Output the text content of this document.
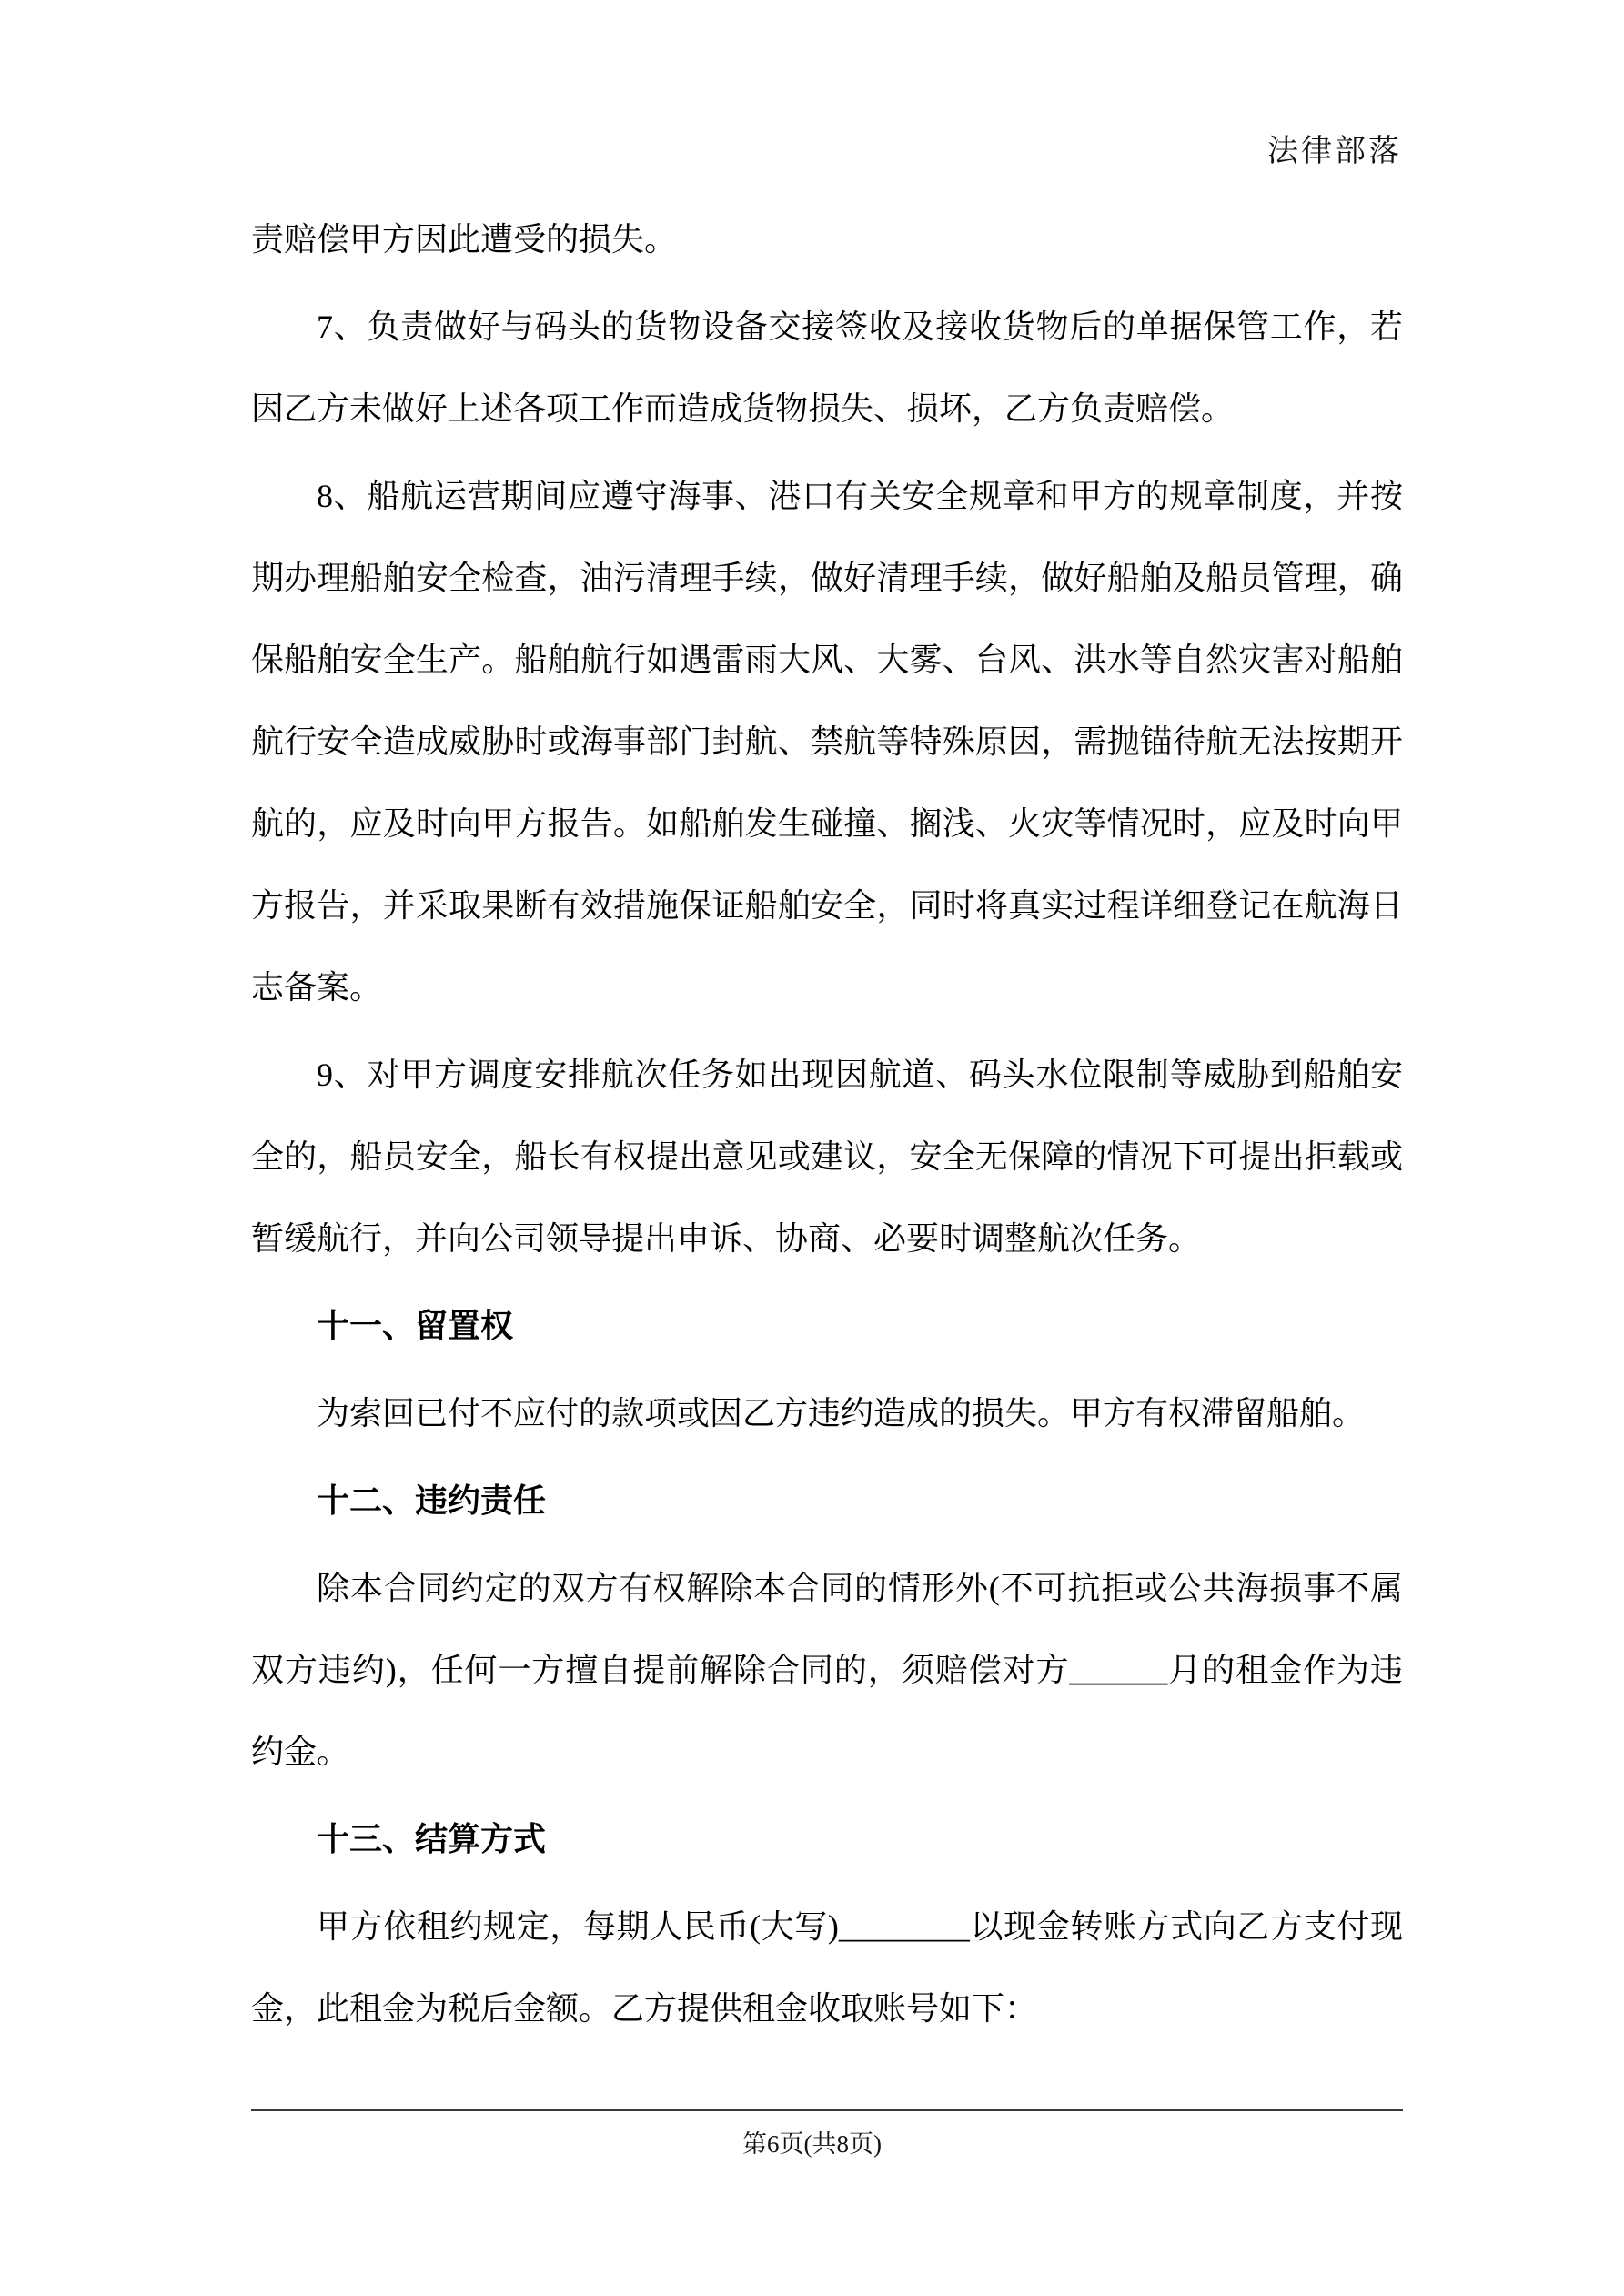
法律部落

责赔偿甲方因此遭受的损失。

7、负责做好与码头的货物设备交接签收及接收货物后的单据保管工作，若因乙方未做好上述各项工作而造成货物损失、损坏，乙方负责赔偿。

8、船航运营期间应遵守海事、港口有关安全规章和甲方的规章制度，并按期办理船舶安全检查，油污清理手续，做好清理手续，做好船舶及船员管理，确保船舶安全生产。船舶航行如遇雷雨大风、大雾、台风、洪水等自然灾害对船舶航行安全造成威胁时或海事部门封航、禁航等特殊原因，需抛锚待航无法按期开航的，应及时向甲方报告。如船舶发生碰撞、搁浅、火灾等情况时，应及时向甲方报告，并采取果断有效措施保证船舶安全，同时将真实过程详细登记在航海日志备案。

9、对甲方调度安排航次任务如出现因航道、码头水位限制等威胁到船舶安全的，船员安全，船长有权提出意见或建议，安全无保障的情况下可提出拒载或暂缓航行，并向公司领导提出申诉、协商、必要时调整航次任务。

十一、留置权

为索回已付不应付的款项或因乙方违约造成的损失。甲方有权滞留船舶。

十二、违约责任

除本合同约定的双方有权解除本合同的情形外(不可抗拒或公共海损事不属双方违约)，任何一方擅自提前解除合同的，须赔偿对方______月的租金作为违约金。

十三、结算方式

甲方依租约规定，每期人民币(大写)________以现金转账方式向乙方支付现金，此租金为税后金额。乙方提供租金收取账号如下：

第6页(共8页)
